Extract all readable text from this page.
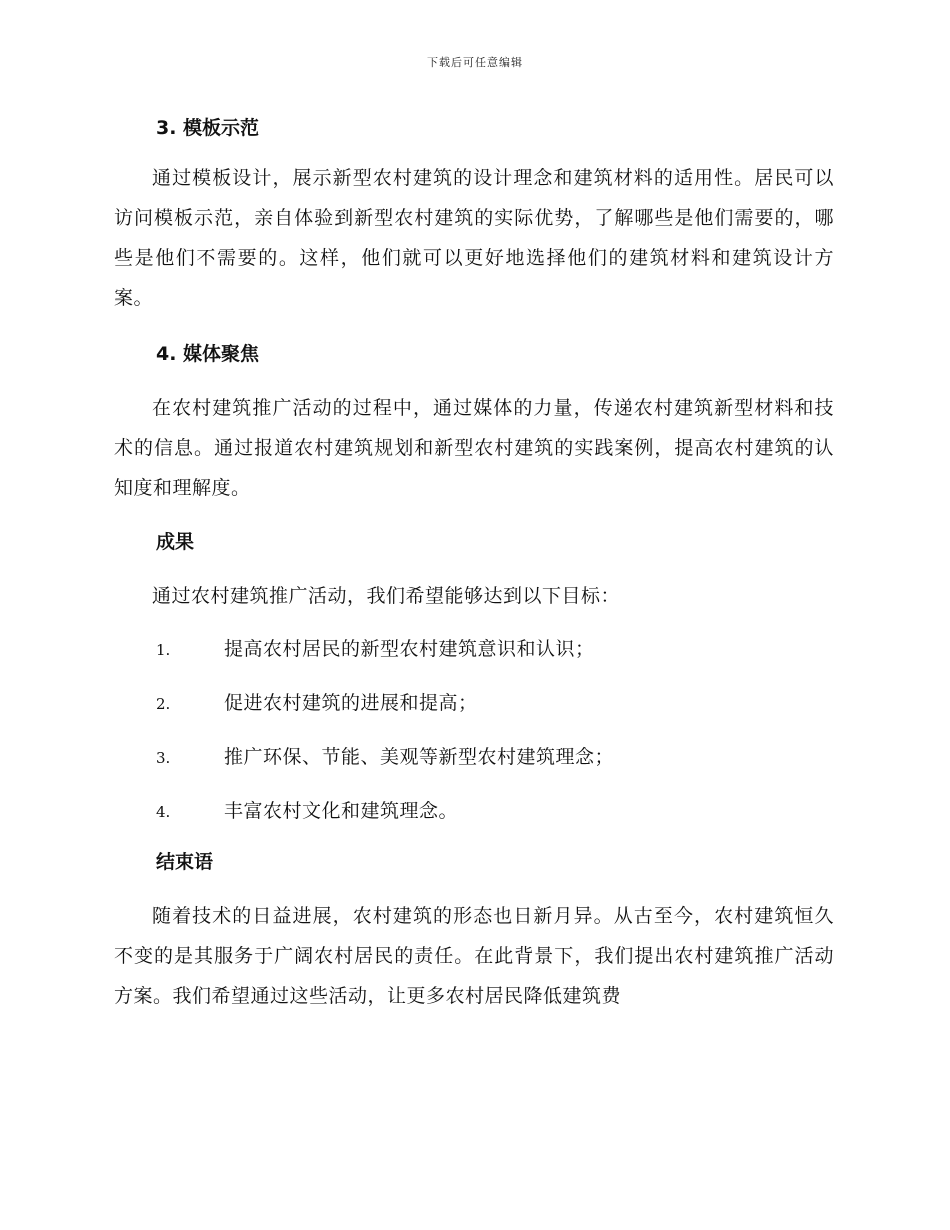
下载后可任意编辑
3. 模板示范

通过模板设计，展示新型农村建筑的设计理念和建筑材料的适用性。居民可以访问模板示范，亲自体验到新型农村建筑的实际优势，了解哪些是他们需要的，哪些是他们不需要的。这样，他们就可以更好地选择他们的建筑材料和建筑设计方案。

4. 媒体聚焦

在农村建筑推广活动的过程中，通过媒体的力量，传递农村建筑新型材料和技术的信息。通过报道农村建筑规划和新型农村建筑的实践案例，提高农村建筑的认知度和理解度。

成果

通过农村建筑推广活动，我们希望能够达到以下目标：

1.	提高农村居民的新型农村建筑意识和认识；
2.	促进农村建筑的进展和提高；
3.	推广环保、节能、美观等新型农村建筑理念；
4.	丰富农村文化和建筑理念。
结束语

随着技术的日益进展，农村建筑的形态也日新月异。从古至今，农村建筑恒久不变的是其服务于广阔农村居民的责任。在此背景下，我们提出农村建筑推广活动方案。我们希望通过这些活动，让更多农村居民降低建筑费
